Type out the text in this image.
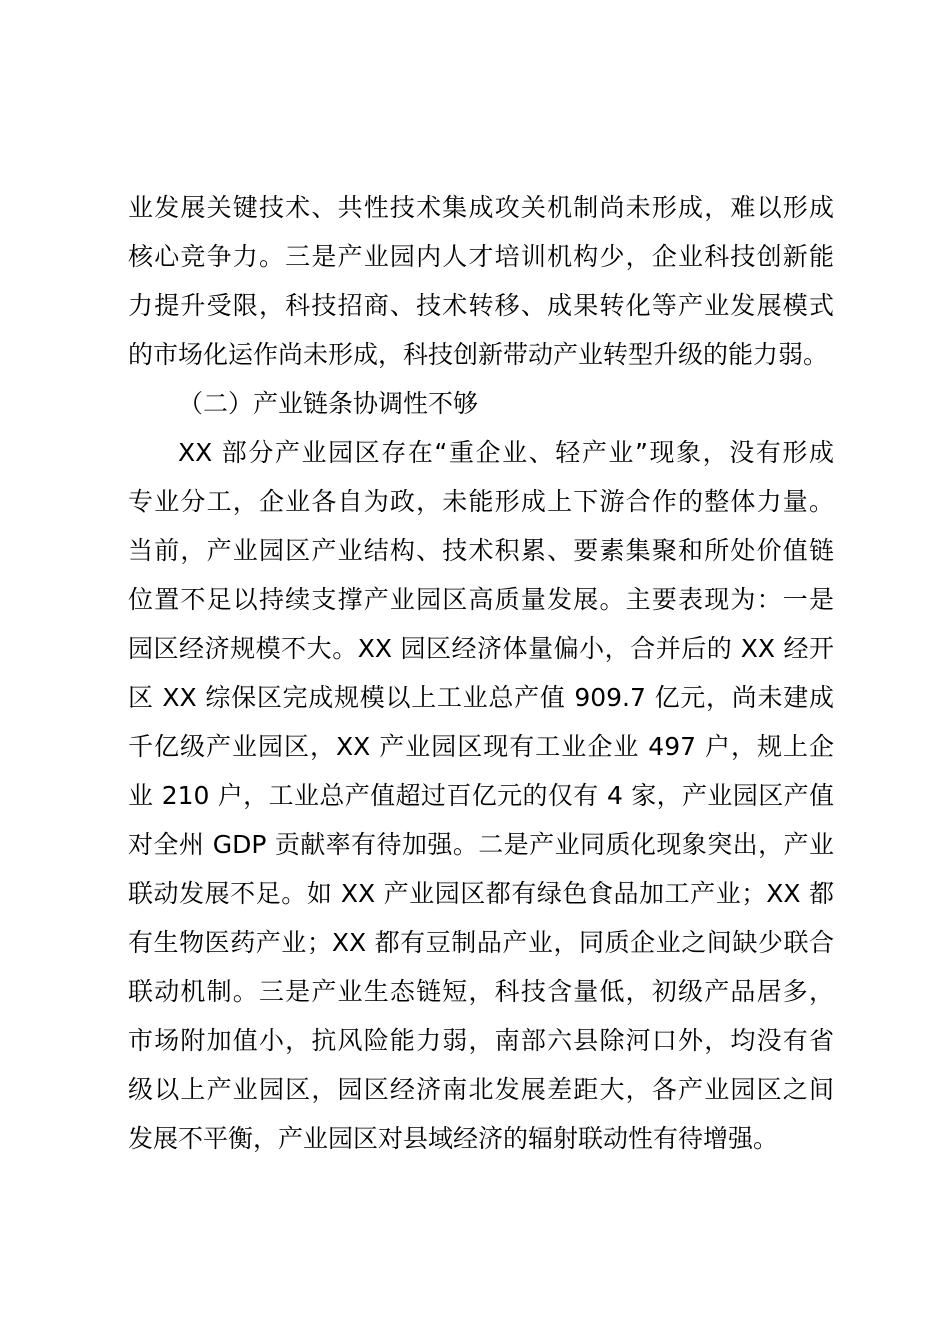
业发展关键技术、共性技术集成攻关机制尚未形成，难以形成
核心竞争力。三是产业园内人才培训机构少，企业科技创新能
力提升受限，科技招商、技术转移、成果转化等产业发展模式
的市场化运作尚未形成，科技创新带动产业转型升级的能力弱。
（二）产业链条协调性不够
XX 部分产业园区存在“重企业、轻产业”现象，没有形成
专业分工，企业各自为政，未能形成上下游合作的整体力量。
当前，产业园区产业结构、技术积累、要素集聚和所处价值链
位置不足以持续支撑产业园区高质量发展。主要表现为：一是
园区经济规模不大。XX 园区经济体量偏小，合并后的 XX 经开
区 XX 综保区完成规模以上工业总产值 909.7 亿元，尚未建成
千亿级产业园区，XX 产业园区现有工业企业 497 户，规上企
业 210 户，工业总产值超过百亿元的仅有 4 家，产业园区产值
对全州 GDP 贡献率有待加强。二是产业同质化现象突出，产业
联动发展不足。如 XX 产业园区都有绿色食品加工产业；XX 都
有生物医药产业；XX 都有豆制品产业，同质企业之间缺少联合
联动机制。三是产业生态链短，科技含量低，初级产品居多，
市场附加值小，抗风险能力弱，南部六县除河口外，均没有省
级以上产业园区，园区经济南北发展差距大，各产业园区之间
发展不平衡，产业园区对县域经济的辐射联动性有待增强。
